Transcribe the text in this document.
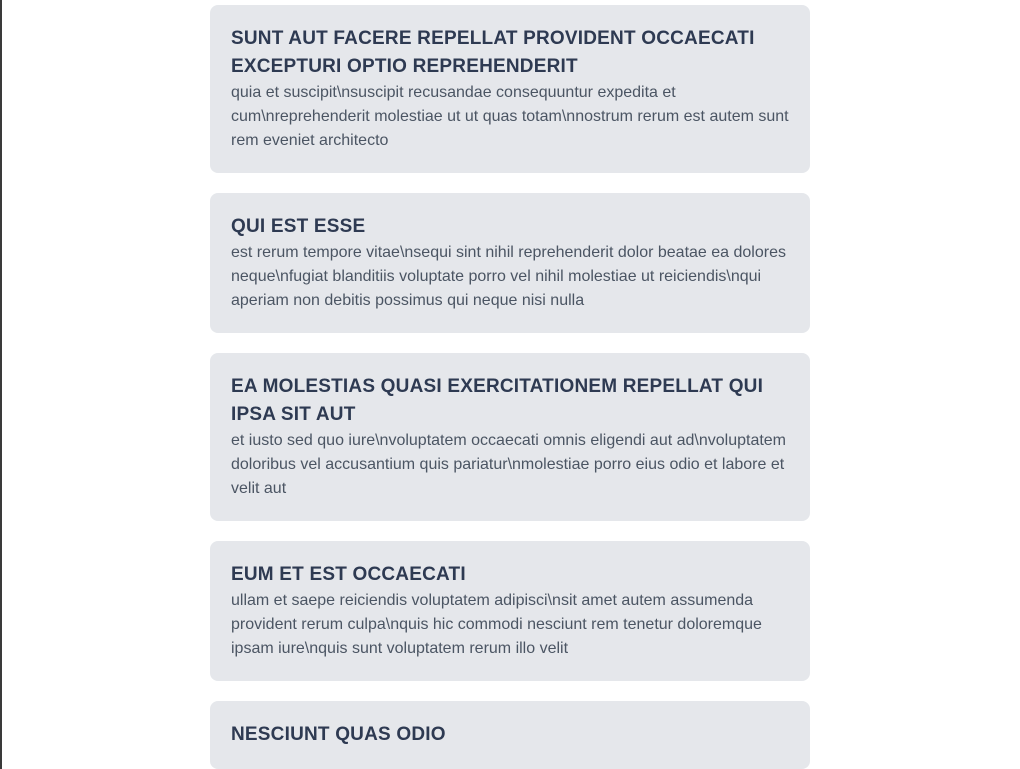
SUNT AUT FACERE REPELLAT PROVIDENT OCCAECATI EXCEPTURI OPTIO REPREHENDERIT

quia et suscipit\nsuscipit recusandae consequuntur expedita et cum\nreprehenderit molestiae ut ut quas totam\nnostrum rerum est autem sunt rem eveniet architecto

QUI EST ESSE

est rerum tempore vitae\nsequi sint nihil reprehenderit dolor beatae ea dolores neque\nfugiat blanditiis voluptate porro vel nihil molestiae ut reiciendis\nqui aperiam non debitis possimus qui neque nisi nulla

EA MOLESTIAS QUASI EXERCITATIONEM REPELLAT QUI IPSA SIT AUT

et iusto sed quo iure\nvoluptatem occaecati omnis eligendi aut ad\nvoluptatem doloribus vel accusantium quis pariatur\nmolestiae porro eius odio et labore et velit aut

EUM ET EST OCCAECATI

ullam et saepe reiciendis voluptatem adipisci\nsit amet autem assumenda provident rerum culpa\nquis hic commodi nesciunt rem tenetur doloremque ipsam iure\nquis sunt voluptatem rerum illo velit

NESCIUNT QUAS ODIO
